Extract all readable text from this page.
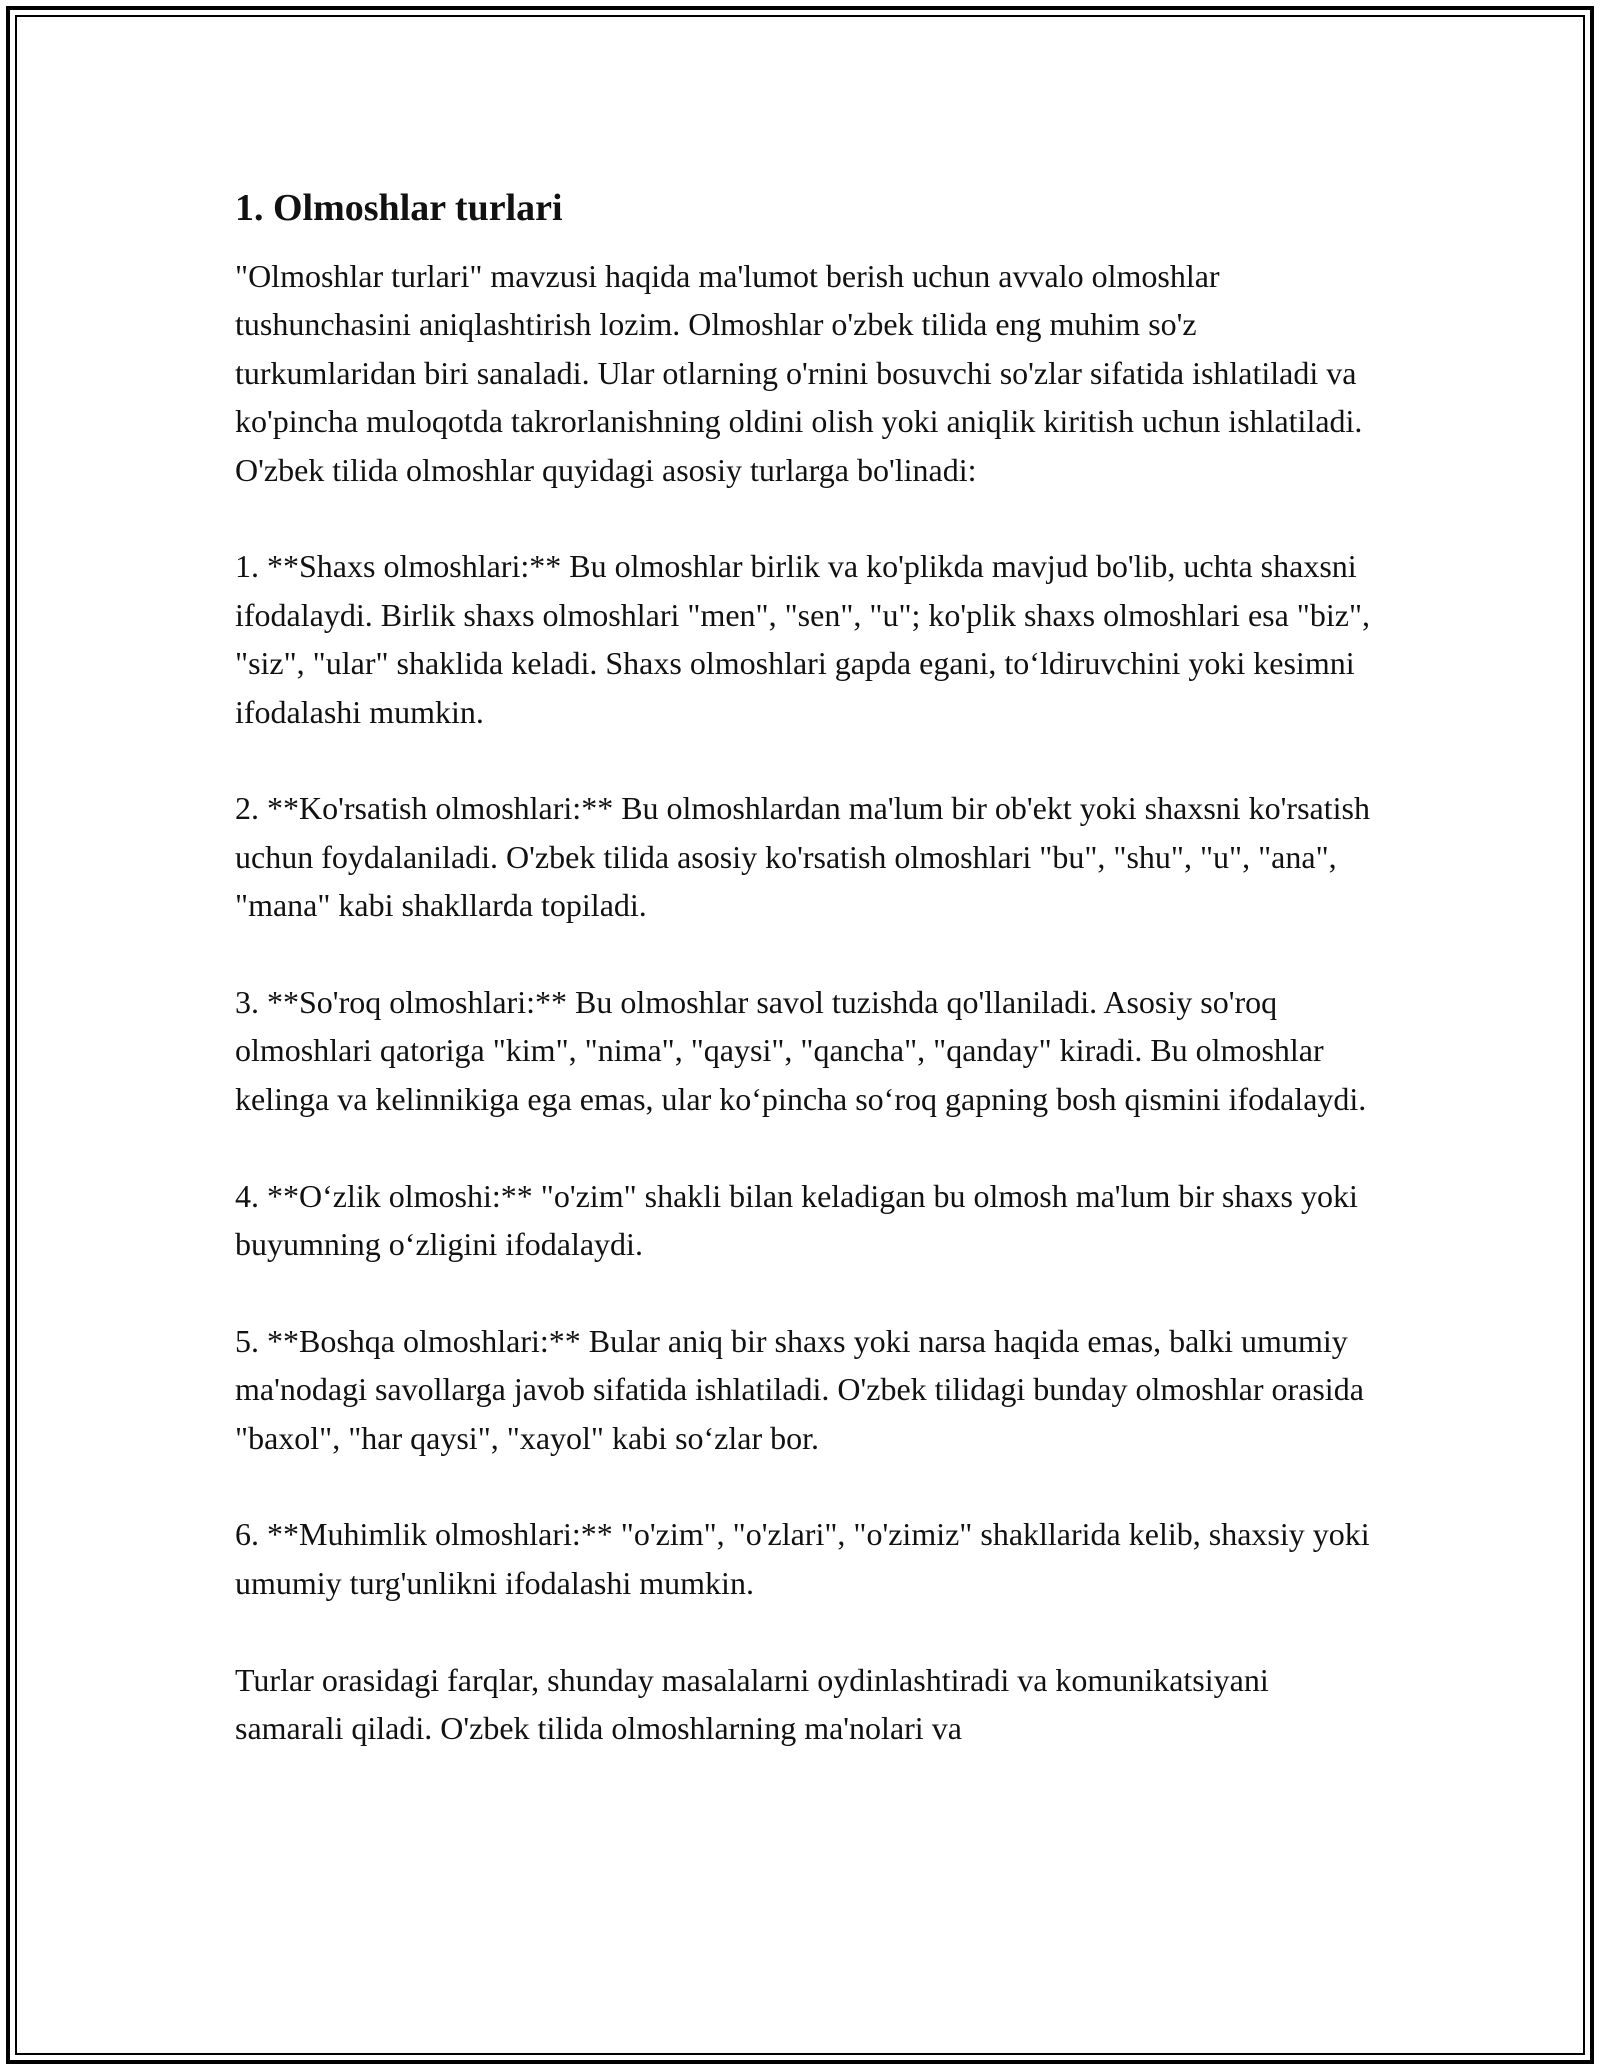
1. Olmoshlar turlari

"Olmoshlar turlari" mavzusi haqida ma'lumot berish uchun avvalo olmoshlar tushunchasini aniqlashtirish lozim. Olmoshlar o'zbek tilida eng muhim so'z turkumlaridan biri sanaladi. Ular otlarning o'rnini bosuvchi so'zlar sifatida ishlatiladi va ko'pincha muloqotda takrorlanishning oldini olish yoki aniqlik kiritish uchun ishlatiladi. O'zbek tilida olmoshlar quyidagi asosiy turlarga bo'linadi:

1. **Shaxs olmoshlari:** Bu olmoshlar birlik va ko'plikda mavjud bo'lib, uchta shaxsni ifodalaydi. Birlik shaxs olmoshlari "men", "sen", "u"; ko'plik shaxs olmoshlari esa "biz", "siz", "ular" shaklida keladi. Shaxs olmoshlari gapda egani, to‘ldiruvchini yoki kesimni ifodalashi mumkin.

2. **Ko'rsatish olmoshlari:** Bu olmoshlardan ma'lum bir ob'ekt yoki shaxsni ko'rsatish uchun foydalaniladi. O'zbek tilida asosiy ko'rsatish olmoshlari "bu", "shu", "u", "ana", "mana" kabi shakllarda topiladi.

3. **So'roq olmoshlari:** Bu olmoshlar savol tuzishda qo'llaniladi. Asosiy so'roq olmoshlari qatoriga "kim", "nima", "qaysi", "qancha", "qanday" kiradi. Bu olmoshlar kelinga va kelinnikiga ega emas, ular ko‘pincha so‘roq gapning bosh qismini ifodalaydi.

4. **O‘zlik olmoshi:** "o'zim" shakli bilan keladigan bu olmosh ma'lum bir shaxs yoki buyumning o‘zligini ifodalaydi.

5. **Boshqa olmoshlari:** Bular aniq bir shaxs yoki narsa haqida emas, balki umumiy ma'nodagi savollarga javob sifatida ishlatiladi. O'zbek tilidagi bunday olmoshlar orasida "baxol", "har qaysi", "xayol" kabi so‘zlar bor.

6. **Muhimlik olmoshlari:** "o'zim", "o'zlari", "o'zimiz" shakllarida kelib, shaxsiy yoki umumiy turg'unlikni ifodalashi mumkin.

Turlar orasidagi farqlar, shunday masalalarni oydinlashtiradi va komunikatsiyani samarali qiladi. O'zbek tilida olmoshlarning ma'nolari va
